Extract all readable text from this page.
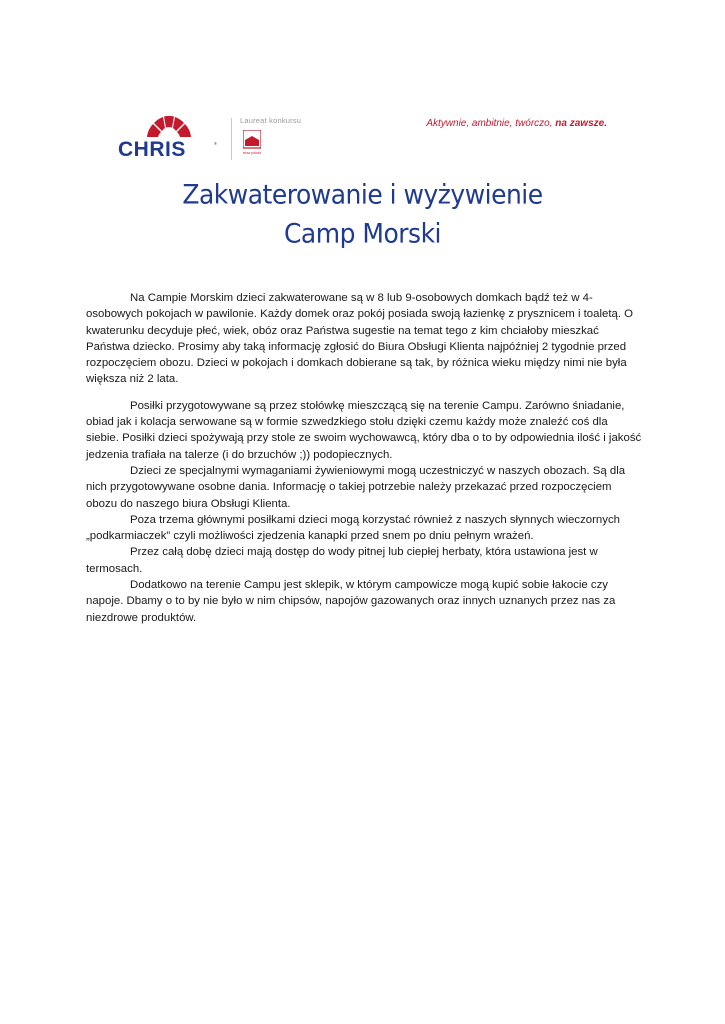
CHRIS	®
Laureat konkursu
teraz polska
Aktywnie, ambitnie, twórczo, na zawsze.
Zakwaterowanie i wyżywienie
Camp Morski

Na Campie Morskim dzieci zakwaterowane są w 8 lub 9-osobowych domkach bądź też w 4-osobowych pokojach w pawilonie. Każdy domek oraz pokój posiada swoją łazienkę z prysznicem i toaletą. O kwaterunku decyduje płeć, wiek, obóz oraz Państwa sugestie na temat tego z kim chciałoby mieszkać Państwa dziecko. Prosimy aby taką informację zgłosić do Biura Obsługi Klienta najpóźniej 2 tygodnie przed rozpoczęciem obozu. Dzieci w pokojach i domkach dobierane są tak, by różnica wieku między nimi nie była większa niż 2 lata.

Posiłki przygotowywane są przez stołówkę mieszczącą się na terenie Campu. Zarówno śniadanie, obiad jak i kolacja serwowane są w formie szwedzkiego stołu dzięki czemu każdy może znaleźć coś dla siebie. Posiłki dzieci spożywają przy stole ze swoim wychowawcą, który dba o to by odpowiednia ilość i jakość jedzenia trafiała na talerze (i do brzuchów ;)) podopiecznych.

Dzieci ze specjalnymi wymaganiami żywieniowymi mogą uczestniczyć w naszych obozach. Są dla nich przygotowywane osobne dania. Informację o takiej potrzebie należy przekazać przed rozpoczęciem obozu do naszego biura Obsługi Klienta.

Poza trzema głównymi posiłkami dzieci mogą korzystać również z naszych słynnych wieczornych „podkarmiaczek” czyli możliwości zjedzenia kanapki przed snem po dniu pełnym wrażeń.

Przez całą dobę dzieci mają dostęp do wody pitnej lub ciepłej herbaty, która ustawiona jest w termosach.

Dodatkowo na terenie Campu jest sklepik, w którym campowicze mogą kupić sobie łakocie czy napoje. Dbamy o to by nie było w nim chipsów, napojów gazowanych oraz innych uznanych przez nas za niezdrowe produktów.
